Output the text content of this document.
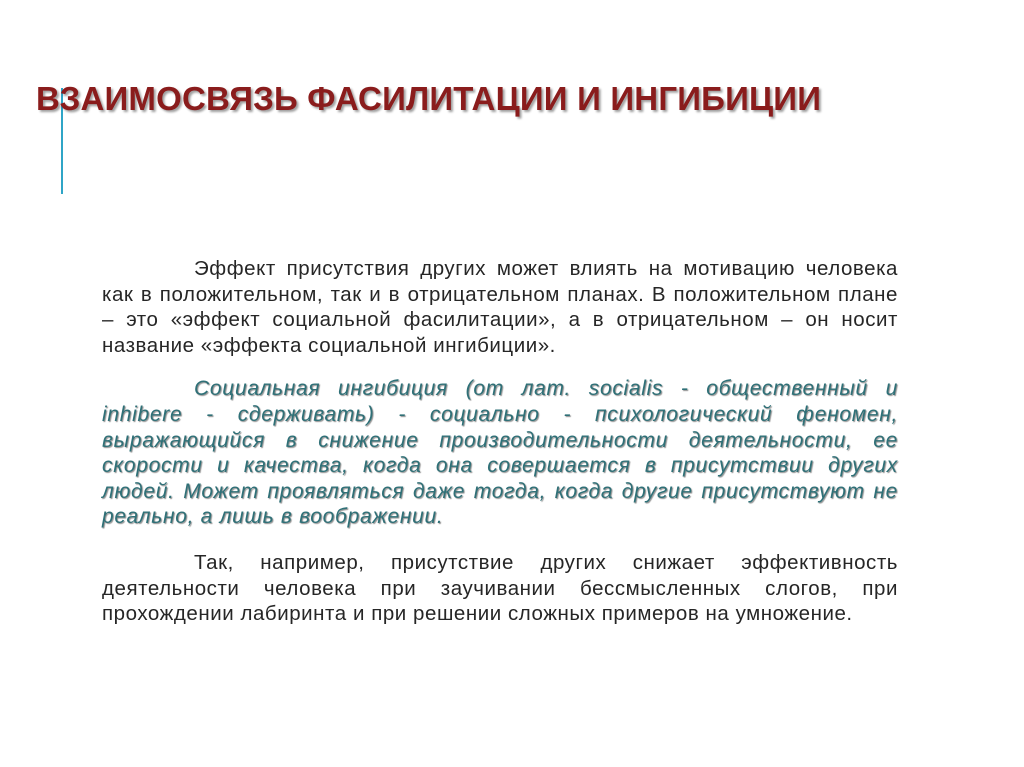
ВЗАИМОСВЯЗЬ ФАСИЛИТАЦИИ И ИНГИБИЦИИ

Эффект присутствия других может влиять на мотивацию человека как в положительном, так и в отрицательном планах. В положительном плане – это «эффект социальной фасилитации», а в отрицательном – он носит название «эффекта социальной ингибиции».

Социальная ингибиция (от лат. socialis - общественный и inhibere - сдерживать) - социально - психологический феномен, выражающийся в снижение производительности деятельности, ее скорости и качества, когда она совершается в присутствии других людей. Может проявляться даже тогда, когда другие присутствуют не реально, а лишь в воображении.

Так, например, присутствие других снижает эффективность деятельности человека при заучивании бессмысленных слогов, при прохождении лабиринта и при решении сложных примеров на умножение.
